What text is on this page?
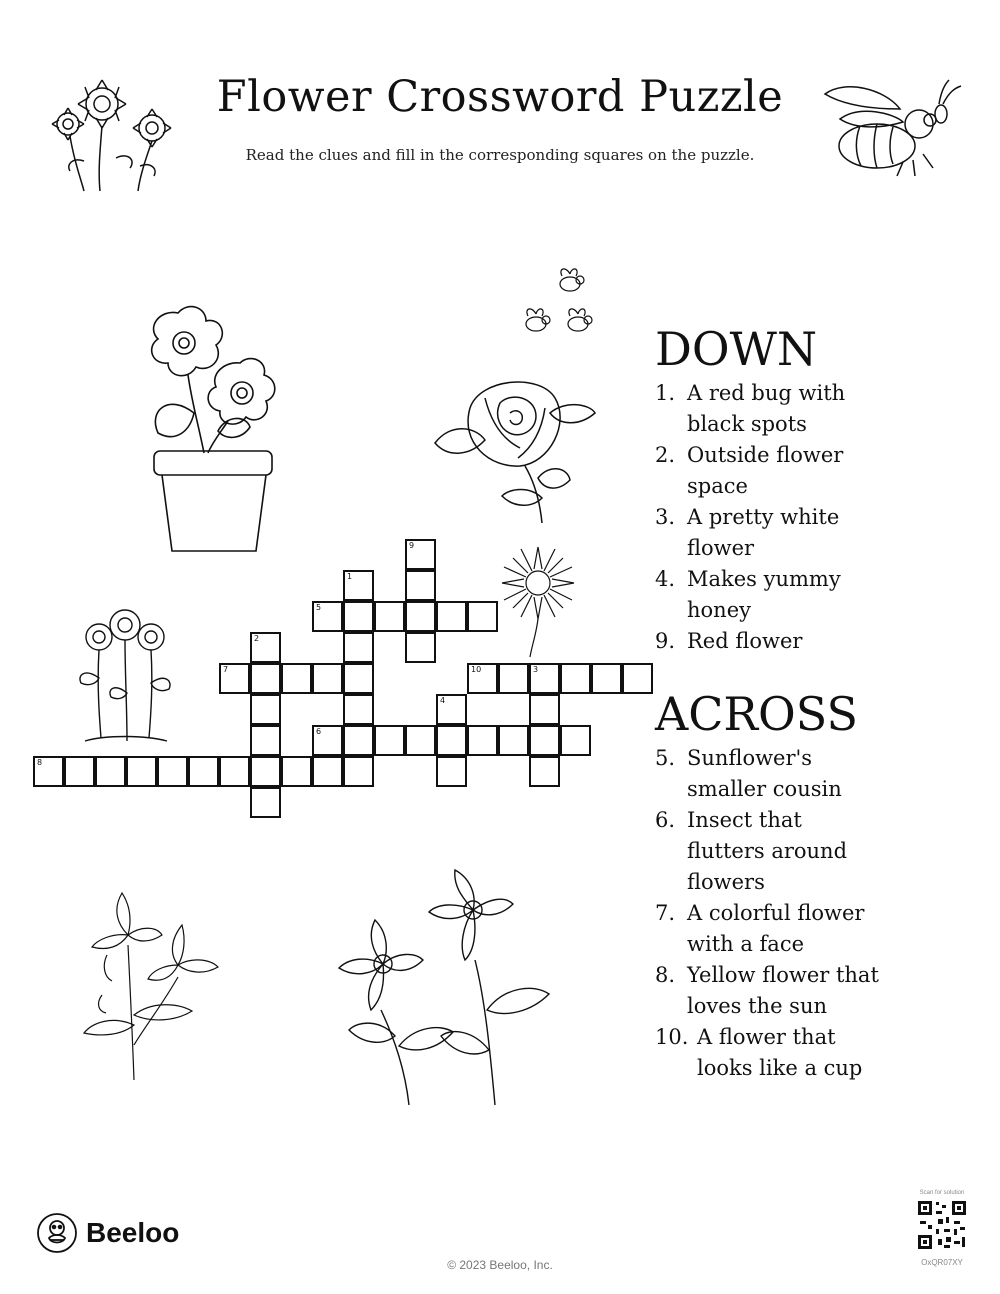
Flower Crossword Puzzle
Read the clues and fill in the corresponding squares on the puzzle.
9
1
5
2
7	10	3
4
6
8
DOWN
1. A red bug with black spots
2. Outside flower space
3. A pretty white flower
4. Makes yummy honey
9. Red flower
ACROSS
5. Sunflower's smaller cousin
6. Insect that flutters around flowers
7. A colorful flower with a face
8. Yellow flower that loves the sun
10. A flower that looks like a cup
Beeloo
© 2023 Beeloo, Inc.
Scan for solution
OxQR07XY
